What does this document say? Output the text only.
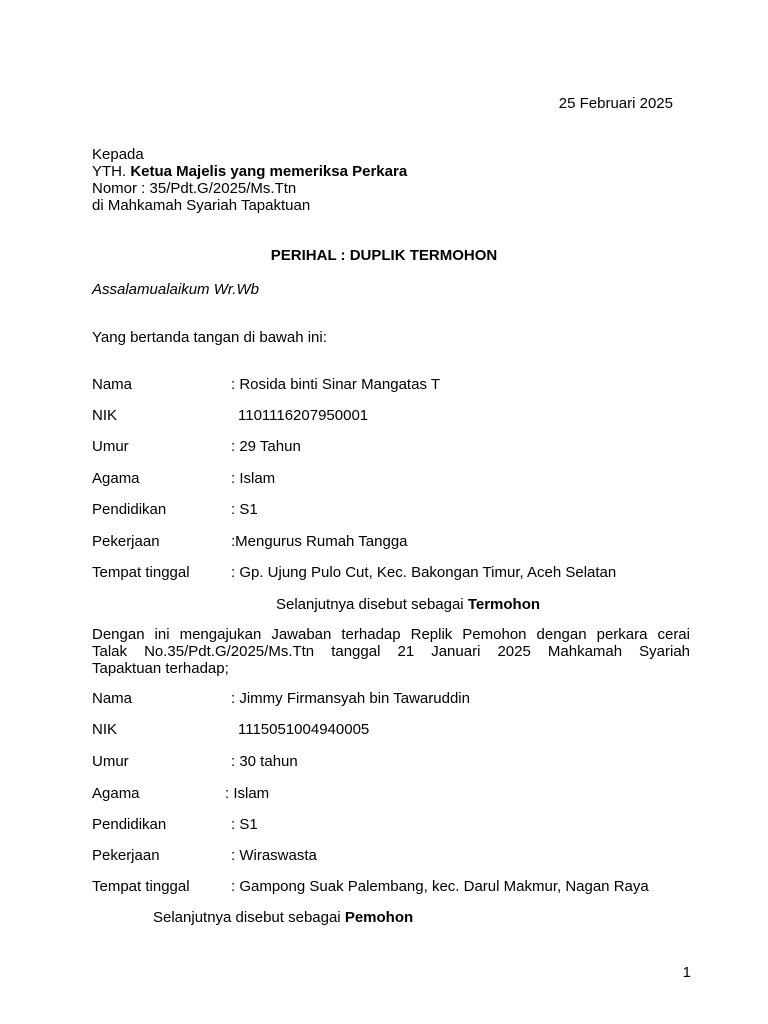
25 Februari 2025
Kepada
YTH. Ketua Majelis yang memeriksa Perkara
Nomor : 35/Pdt.G/2025/Ms.Ttn
di Mahkamah Syariah Tapaktuan
PERIHAL : DUPLIK TERMOHON
Assalamualaikum Wr.Wb
Yang bertanda tangan di bawah ini:
Nama	: Rosida binti Sinar Mangatas T
NIK	1101116207950001
Umur	: 29 Tahun
Agama	: Islam
Pendidikan	: S1
Pekerjaan	:Mengurus Rumah Tangga
Tempat tinggal	: Gp. Ujung Pulo Cut, Kec. Bakongan Timur, Aceh Selatan
Selanjutnya disebut sebagai Termohon
Dengan ini mengajukan Jawaban terhadap Replik Pemohon dengan perkara cerai
Talak No.35/Pdt.G/2025/Ms.Ttn tanggal 21 Januari 2025 Mahkamah Syariah
Tapaktuan terhadap;
Nama	: Jimmy Firmansyah bin Tawaruddin
NIK	1115051004940005
Umur	: 30 tahun
Agama	: Islam
Pendidikan	: S1
Pekerjaan	: Wiraswasta
Tempat tinggal	: Gampong Suak Palembang, kec. Darul Makmur, Nagan Raya
Selanjutnya disebut sebagai Pemohon
1
